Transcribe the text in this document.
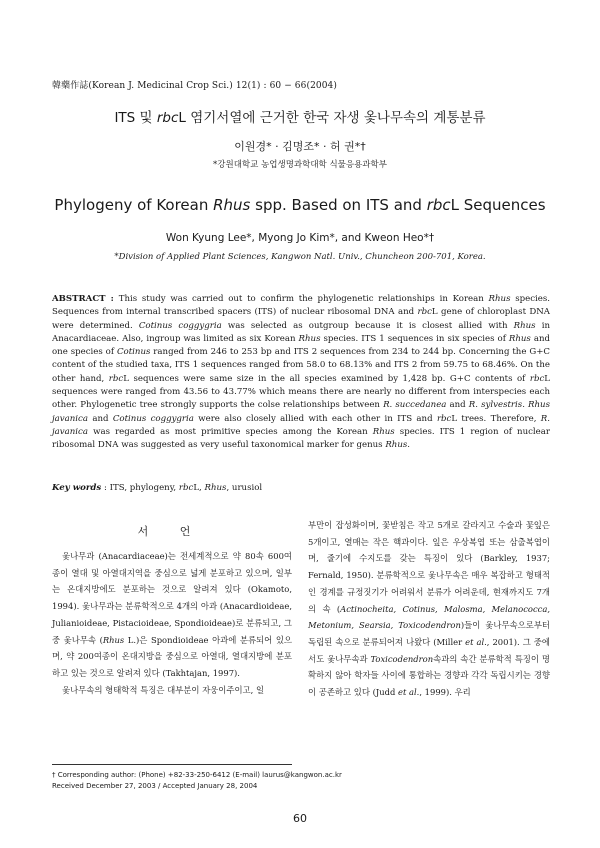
韓藥作誌(Korean J. Medicinal Crop Sci.) 12(1) : 60 − 66(2004)
ITS 및 rbcL 염기서열에 근거한 한국 자생 옻나무속의 계통분류
이원경* · 김명조* · 허 권*†
*강원대학교 농업생명과학대학 식물응용과학부
Phylogeny of Korean Rhus spp. Based on ITS and rbcL Sequences
Won Kyung Lee*, Myong Jo Kim*, and Kweon Heo*†
*Division of Applied Plant Sciences, Kangwon Natl. Univ., Chuncheon 200-701, Korea.
ABSTRACT : This study was carried out to confirm the phylogenetic relationships in Korean Rhus species. Sequences from internal transcribed spacers (ITS) of nuclear ribosomal DNA and rbcL gene of chloroplast DNA were determined. Cotinus coggygria was selected as outgroup because it is closest allied with Rhus in Anacardiaceae. Also, ingroup was limited as six Korean Rhus species. ITS 1 sequences in six species of Rhus and one species of Cotinus ranged from 246 to 253 bp and ITS 2 sequences from 234 to 244 bp. Concerning the G+C content of the studied taxa, ITS 1 sequences ranged from 58.0 to 68.13% and ITS 2 from 59.75 to 68.46%. On the other hand, rbcL sequences were same size in the all species examined by 1,428 bp. G+C contents of rbcL sequences were ranged from 43.56 to 43.77% which means there are nearly no different from interspecies each other. Phylogenetic tree strongly supports the colse relationships between R. succedanea and R. sylvestris. Rhus javanica and Cotinus coggygria were also closely allied with each other in ITS and rbcL trees. Therefore, R. javanica was regarded as most primitive species among the Korean Rhus species. ITS 1 region of nuclear ribosomal DNA was suggested as very useful taxonomical marker for genus Rhus.
Key words : ITS, phylogeny, rbcL, Rhus, urusiol
서 언

옻나무과 (Anacardiaceae)는 전세계적으로 약 80속 600여종이 열대 및 아열대지역을 중심으로 넓게 분포하고 있으며, 일부는 온대지방에도 분포하는 것으로 알려져 있다 (Okamoto, 1994). 옻나무과는 분류학적으로 4개의 아과 (Anacardioideae, Julianioideae, Pistacioideae, Spondioideae)로 분류되고, 그 중 옻나무속 (Rhus L.)은 Spondioideae 아과에 분류되어 있으며, 약 200여종이 온대지방을 중심으로 아열대, 열대지방에 분포하고 있는 것으로 알려져 있다 (Takhtajan, 1997).

옻나무속의 형태학적 특징은 대부분이 자웅이주이고, 일

부만이 잡성화이며, 꽃받침은 작고 5개로 갈라지고 수술과 꽃잎은 5개이고, 열매는 작은 핵과이다. 잎은 우상복엽 또는 삼출복엽이며, 줄기에 수지도를 갖는 특징이 있다 (Barkley, 1937; Fernald, 1950). 분류학적으로 옻나무속은 매우 복잡하고 형태적인 경계를 규정짓기가 어려워서 분류가 어려운데, 현재까지도 7개의 속 (Actinocheita, Cotinus, Malosma, Melanococca, Metonium, Searsia, Toxicodendron)들이 옻나무속으로부터 독립된 속으로 분류되어져 나왔다 (Miller et al., 2001). 그 중에서도 옻나무속과 Toxicodendron속과의 속간 분류학적 특징이 명확하지 않아 학자들 사이에 통합하는 경향과 각각 독립시키는 경향이 공존하고 있다 (Judd et al., 1999). 우리

† Corresponding author: (Phone) +82-33-250-6412 (E-mail) laurus@kangwon.ac.kr
Received December 27, 2003 / Accepted January 28, 2004
60
